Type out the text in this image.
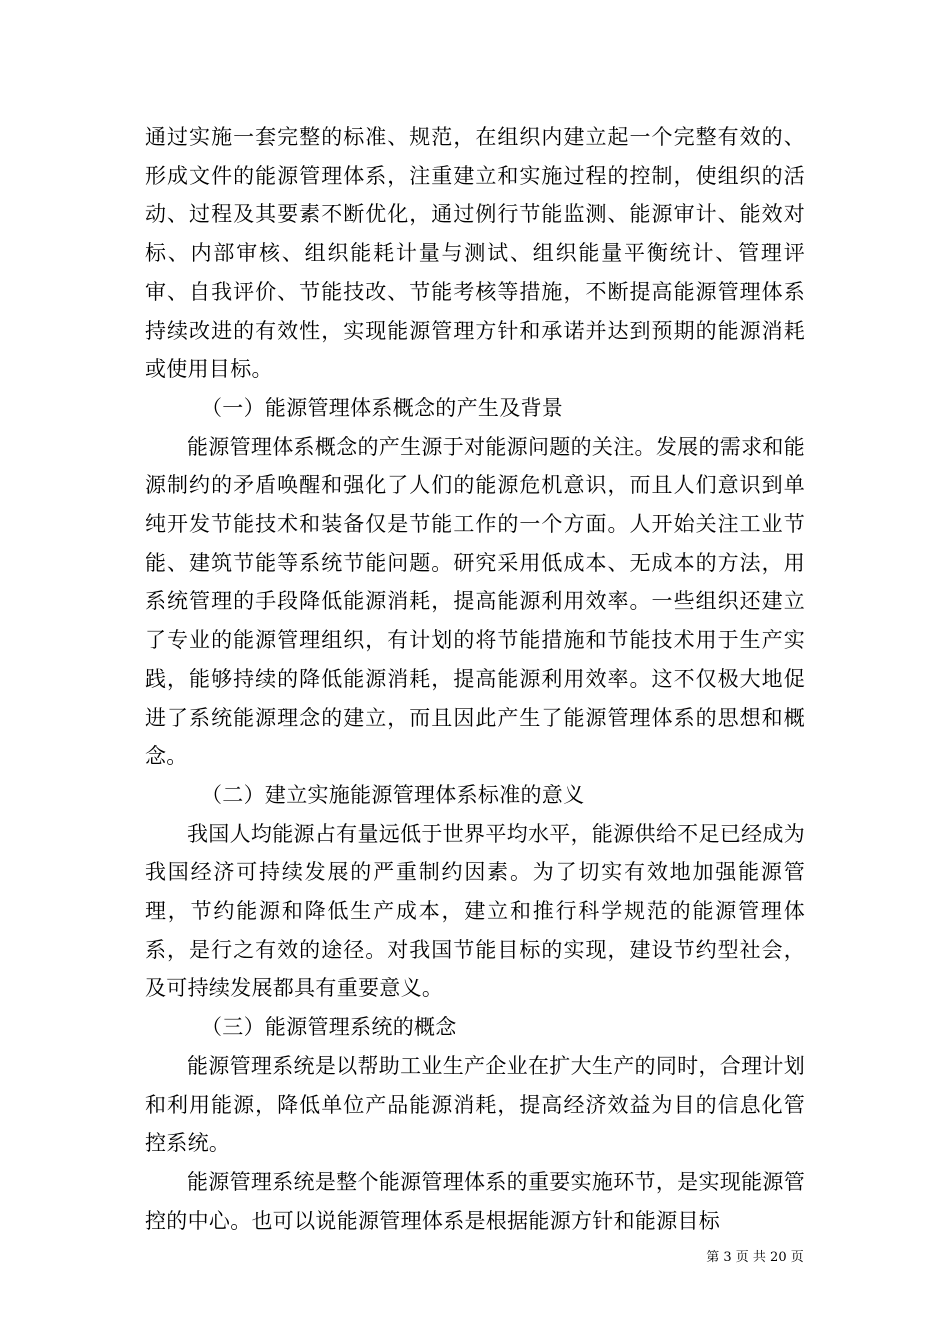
通过实施一套完整的标准、规范，在组织内建立起一个完整有效的、形成文件的能源管理体系，注重建立和实施过程的控制，使组织的活动、过程及其要素不断优化，通过例行节能监测、能源审计、能效对标、内部审核、组织能耗计量与测试、组织能量平衡统计、管理评审、自我评价、节能技改、节能考核等措施，不断提高能源管理体系持续改进的有效性，实现能源管理方针和承诺并达到预期的能源消耗或使用目标。

（一）能源管理体系概念的产生及背景

能源管理体系概念的产生源于对能源问题的关注。发展的需求和能源制约的矛盾唤醒和强化了人们的能源危机意识，而且人们意识到单纯开发节能技术和装备仅是节能工作的一个方面。人开始关注工业节能、建筑节能等系统节能问题。研究采用低成本、无成本的方法，用系统管理的手段降低能源消耗，提高能源利用效率。一些组织还建立了专业的能源管理组织，有计划的将节能措施和节能技术用于生产实践，能够持续的降低能源消耗，提高能源利用效率。这不仅极大地促进了系统能源理念的建立，而且因此产生了能源管理体系的思想和概念。

（二）建立实施能源管理体系标准的意义

我国人均能源占有量远低于世界平均水平，能源供给不足已经成为我国经济可持续发展的严重制约因素。为了切实有效地加强能源管理，节约能源和降低生产成本，建立和推行科学规范的能源管理体系，是行之有效的途径。对我国节能目标的实现，建设节约型社会，及可持续发展都具有重要意义。

（三）能源管理系统的概念

能源管理系统是以帮助工业生产企业在扩大生产的同时，合理计划和利用能源，降低单位产品能源消耗，提高经济效益为目的信息化管控系统。

能源管理系统是整个能源管理体系的重要实施环节，是实现能源管控的中心。也可以说能源管理体系是根据能源方针和能源目标

第 3 页 共 20 页
